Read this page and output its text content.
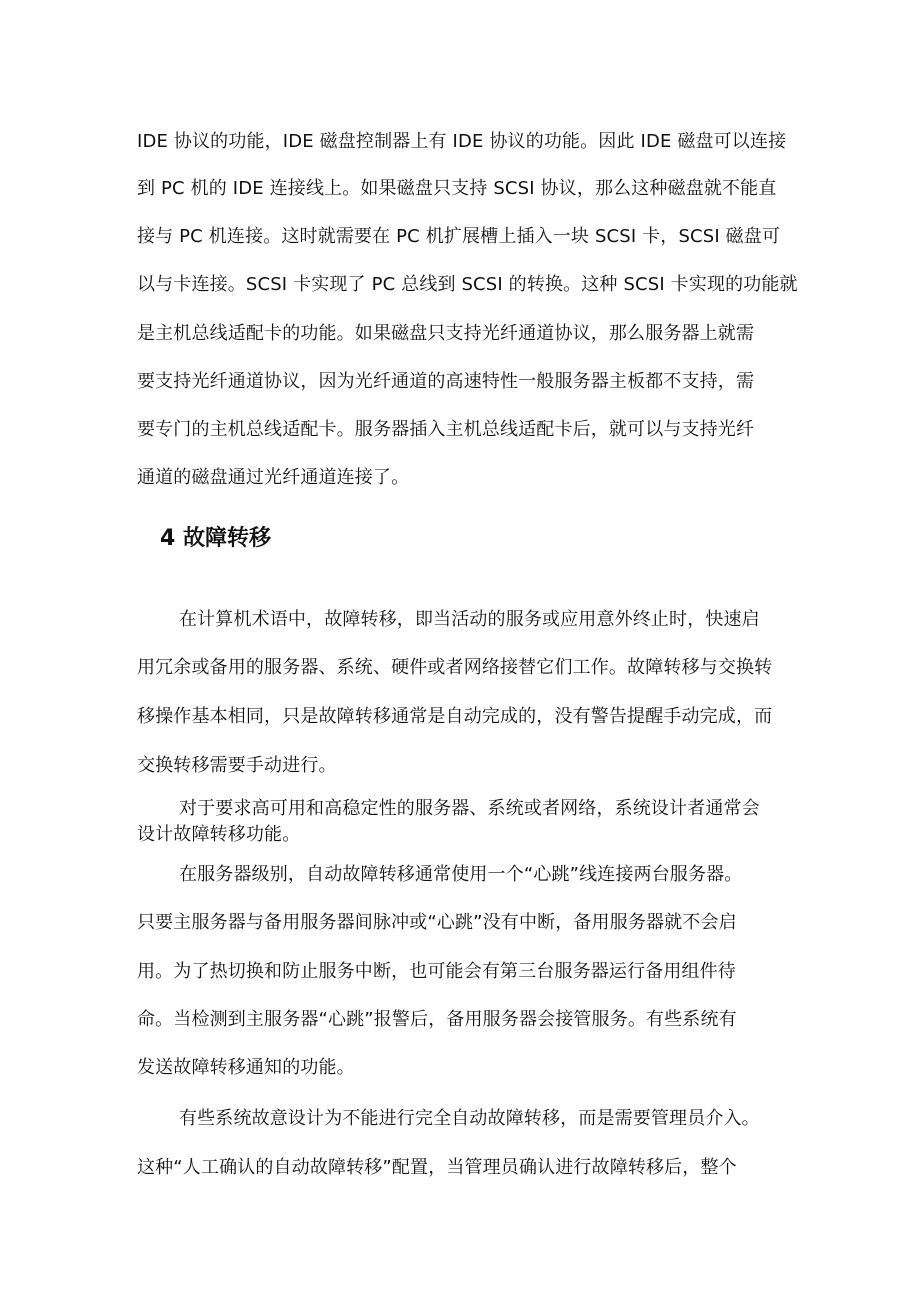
IDE 协议的功能，IDE 磁盘控制器上有 IDE 协议的功能。因此 IDE 磁盘可以连接

到 PC 机的 IDE 连接线上。如果磁盘只支持 SCSI 协议，那么这种磁盘就不能直

接与 PC 机连接。这时就需要在 PC 机扩展槽上插入一块 SCSI 卡，SCSI 磁盘可

以与卡连接。SCSI 卡实现了 PC 总线到 SCSI 的转换。这种 SCSI 卡实现的功能就

是主机总线适配卡的功能。如果磁盘只支持光纤通道协议，那么服务器上就需

要支持光纤通道协议，因为光纤通道的高速特性一般服务器主板都不支持，需

要专门的主机总线适配卡。服务器插入主机总线适配卡后，就可以与支持光纤

通道的磁盘通过光纤通道连接了。

4 故障转移

在计算机术语中，故障转移，即当活动的服务或应用意外终止时，快速启

用冗余或备用的服务器、系统、硬件或者网络接替它们工作。故障转移与交换转

移操作基本相同，只是故障转移通常是自动完成的，没有警告提醒手动完成，而

交换转移需要手动进行。

对于要求高可用和高稳定性的服务器、系统或者网络，系统设计者通常会

设计故障转移功能。

在服务器级别，自动故障转移通常使用一个“心跳”线连接两台服务器。

只要主服务器与备用服务器间脉冲或“心跳”没有中断，备用服务器就不会启

用。为了热切换和防止服务中断，也可能会有第三台服务器运行备用组件待

命。当检测到主服务器“心跳”报警后，备用服务器会接管服务。有些系统有

发送故障转移通知的功能。

有些系统故意设计为不能进行完全自动故障转移，而是需要管理员介入。

这种“人工确认的自动故障转移”配置，当管理员确认进行故障转移后，整个
